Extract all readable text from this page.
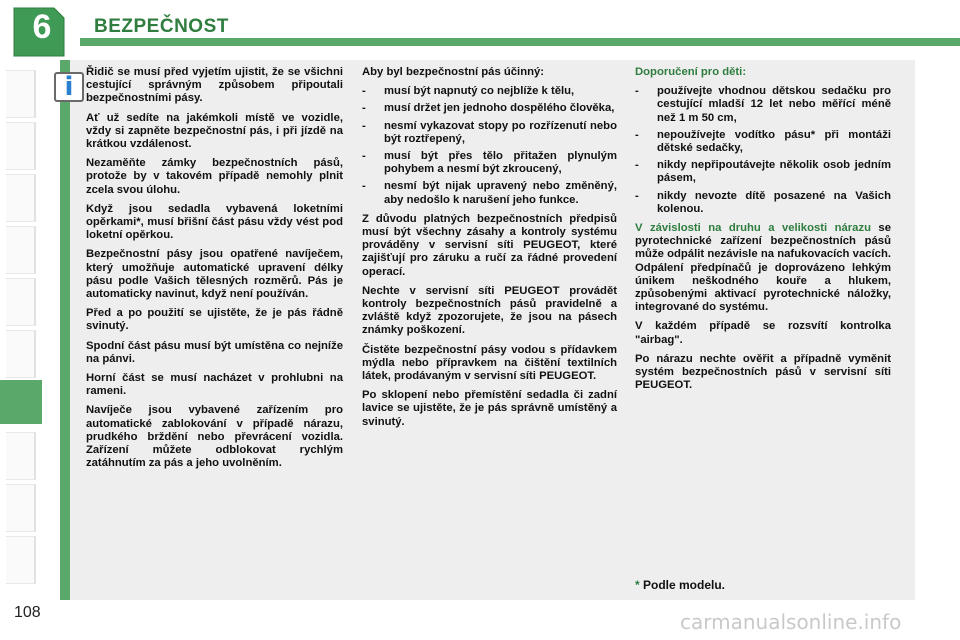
6	BEZPEČNOST
i	Řidič se musí před vyjetím ujistit, že se všichni cestující správným způsobem připoutali bezpečnostními pásy.

Ať už sedíte na jakémkoli místě ve vozidle, vždy si zapněte bezpečnostní pás, i při jízdě na krátkou vzdálenost.

Nezaměňte zámky bezpečnostních pásů, protože by v takovém případě nemohly plnit zcela svou úlohu.

Když jsou sedadla vybavená loketními opěrkami*, musí břišní část pásu vždy vést pod loketní opěrkou.

Bezpečnostní pásy jsou opatřené navíječem, který umožňuje automatické upravení délky pásu podle Vašich tělesných rozměrů. Pás je automaticky navinut, když není používán.

Před a po použití se ujistěte, že je pás řádně svinutý.

Spodní část pásu musí být umístěna co nejníže na pánvi.

Horní část se musí nacházet v prohlubni na rameni.

Navíječe jsou vybavené zařízením pro automatické zablokování v případě nárazu, prudkého brždění nebo převrácení vozidla. Zařízení můžete odblokovat rychlým zatáhnutím za pás a jeho uvolněním.

Aby byl bezpečnostní pás účinný:

-	musí být napnutý co nejblíže k tělu,
-	musí držet jen jednoho dospělého člověka,
-	nesmí vykazovat stopy po rozřízenutí nebo být roztřepený,
-	musí být přes tělo přitažen plynulým pohybem a nesmí být zkroucený,
-	nesmí být nijak upravený nebo změněný, aby nedošlo k narušení jeho funkce.

Z důvodu platných bezpečnostních předpisů musí být všechny zásahy a kontroly systému prováděny v servisní síti PEUGEOT, které zajišťují pro záruku a ručí za řádné provedení operací.

Nechte v servisní síti PEUGEOT provádět kontroly bezpečnostních pásů pravidelně a zvláště když zpozorujete, že jsou na pásech známky poškození.

Čistěte bezpečnostní pásy vodou s přídavkem mýdla nebo přípravkem na čištění textilních látek, prodávaným v servisní síti PEUGEOT.

Po sklopení nebo přemístění sedadla či zadní lavice se ujistěte, že je pás správně umístěný a svinutý.

Doporučení pro děti:

-	používejte vhodnou dětskou sedačku pro cestující mladší 12 let nebo měřící méně než 1 m 50 cm,
-	nepoužívejte vodítko pásu* při montáži dětské sedačky,
-	nikdy nepřipoutávejte několik osob jedním pásem,
-	nikdy nevozte dítě posazené na Vašich kolenou.

V závislosti na druhu a velikosti nárazu se pyrotechnické zařízení bezpečnostních pásů může odpálit nezávisle na nafukovacích vacích. Odpálení předpínačů je doprovázeno lehkým únikem neškodného kouře a hlukem, způsobenými aktivací pyrotechnické náložky, integrované do systému.

V každém případě se rozsvítí kontrolka "airbag".

Po nárazu nechte ověřit a případně vyměnit systém bezpečnostních pásů v servisní síti PEUGEOT.

* Podle modelu.
108	carmanualsonline.info
